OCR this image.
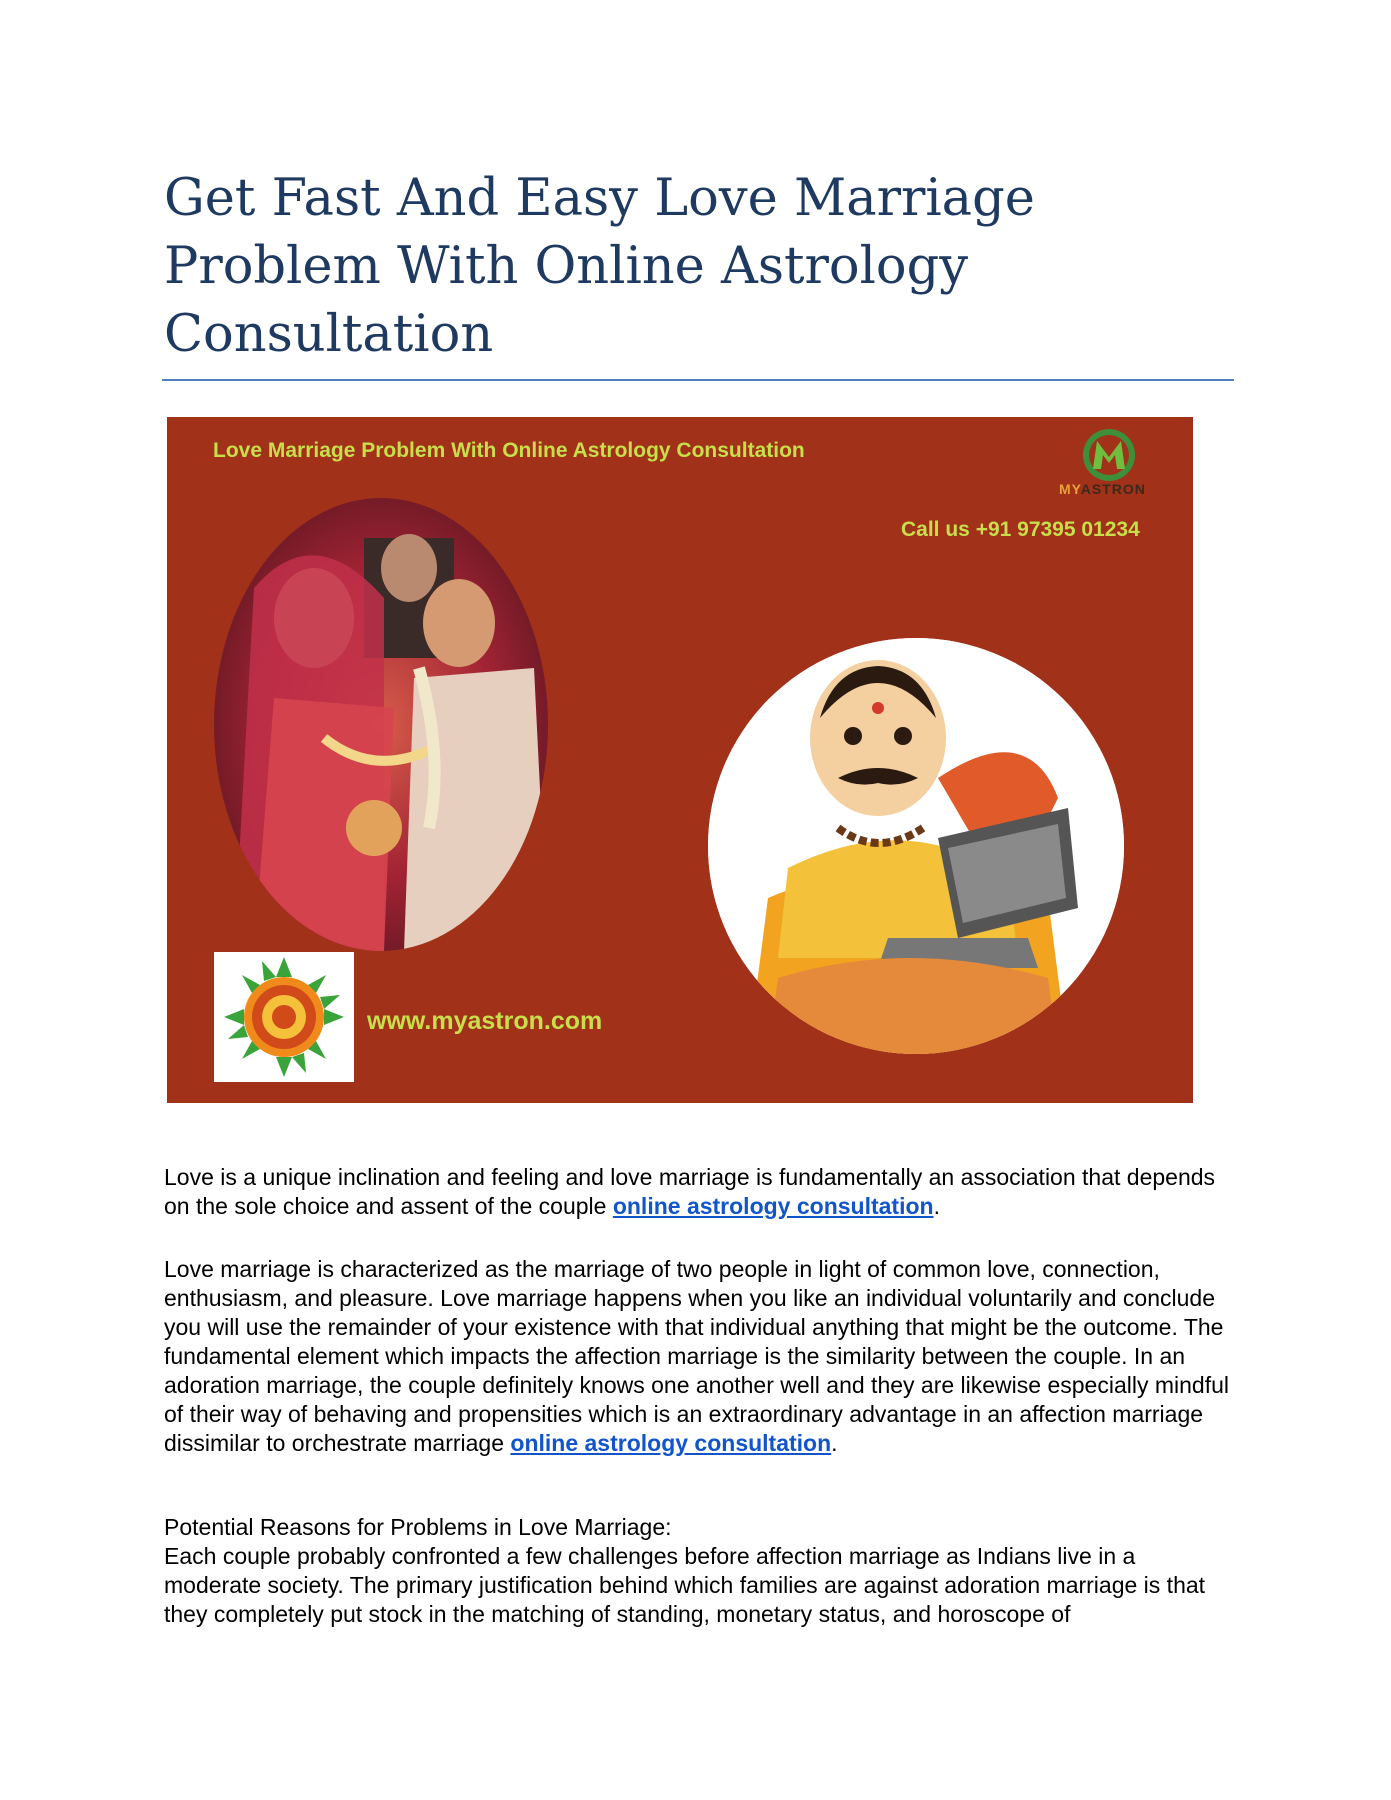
Get Fast And Easy Love Marriage Problem With Online Astrology Consultation
Love Marriage Problem With Online Astrology Consultation
MYASTRON
Call us +91 97395 01234
www.myastron.com

Love is a unique inclination and feeling and love marriage is fundamentally an association that depends on the sole choice and assent of the couple online astrology consultation.

Love marriage is characterized as the marriage of two people in light of common love, connection, enthusiasm, and pleasure. Love marriage happens when you like an individual voluntarily and conclude you will use the remainder of your existence with that individual anything that might be the outcome. The fundamental element which impacts the affection marriage is the similarity between the couple. In an adoration marriage, the couple definitely knows one another well and they are likewise especially mindful of their way of behaving and propensities which is an extraordinary advantage in an affection marriage dissimilar to orchestrate marriage online astrology consultation.

Potential Reasons for Problems in Love Marriage:

Each couple probably confronted a few challenges before affection marriage as Indians live in a moderate society. The primary justification behind which families are against adoration marriage is that they completely put stock in the matching of standing, monetary status, and horoscope of
